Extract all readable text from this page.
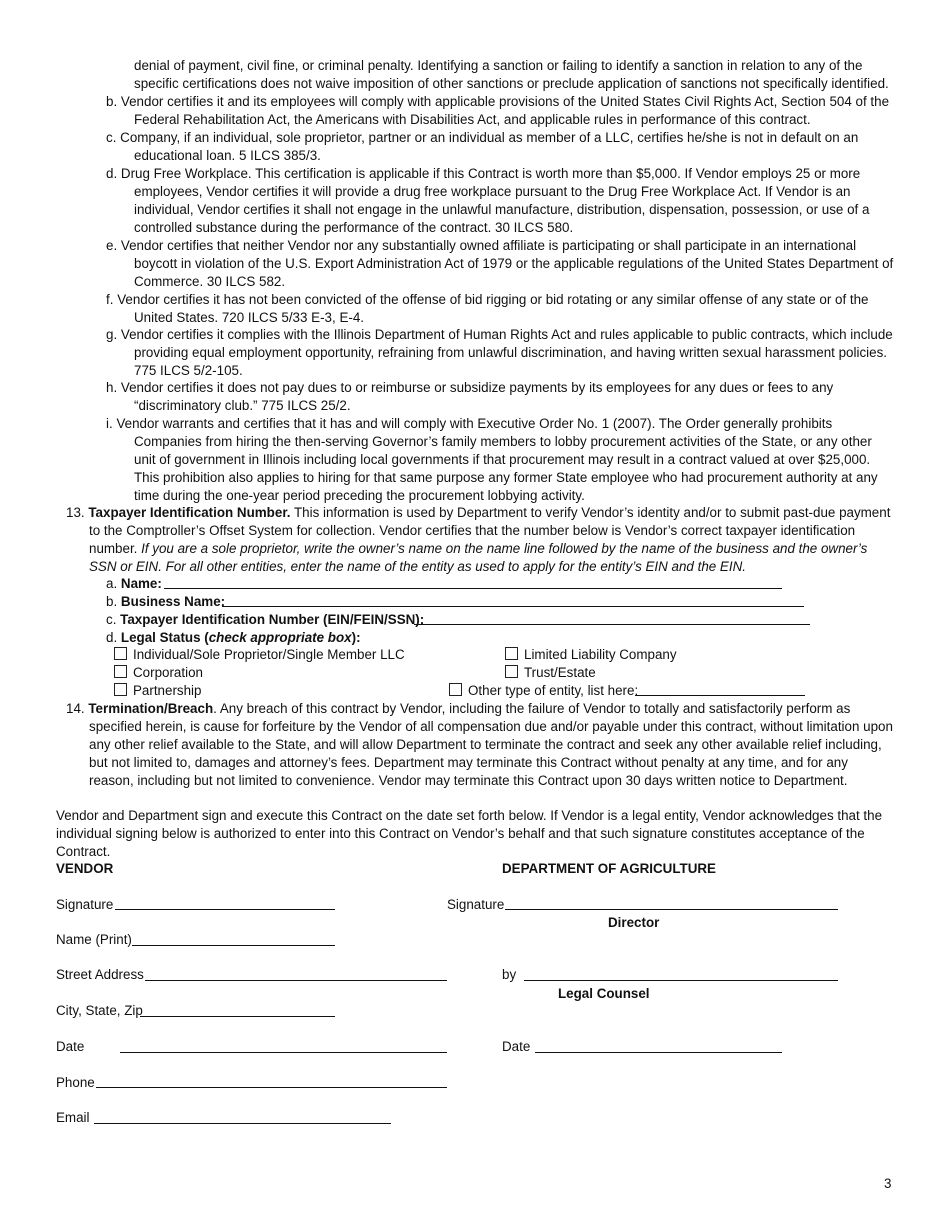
denial of payment, civil fine, or criminal penalty. Identifying a sanction or failing to identify a sanction in relation to any of the specific certifications does not waive imposition of other sanctions or preclude application of sanctions not specifically identified.
b. Vendor certifies it and its employees will comply with applicable provisions of the United States Civil Rights Act, Section 504 of the Federal Rehabilitation Act, the Americans with Disabilities Act, and applicable rules in performance of this contract.
c. Company, if an individual, sole proprietor, partner or an individual as member of a LLC, certifies he/she is not in default on an educational loan. 5 ILCS 385/3.
d. Drug Free Workplace. This certification is applicable if this Contract is worth more than $5,000. If Vendor employs 25 or more employees, Vendor certifies it will provide a drug free workplace pursuant to the Drug Free Workplace Act. If Vendor is an individual, Vendor certifies it shall not engage in the unlawful manufacture, distribution, dispensation, possession, or use of a controlled substance during the performance of the contract. 30 ILCS 580.
e. Vendor certifies that neither Vendor nor any substantially owned affiliate is participating or shall participate in an international boycott in violation of the U.S. Export Administration Act of 1979 or the applicable regulations of the United States Department of Commerce. 30 ILCS 582.
f. Vendor certifies it has not been convicted of the offense of bid rigging or bid rotating or any similar offense of any state or of the United States. 720 ILCS 5/33 E-3, E-4.
g. Vendor certifies it complies with the Illinois Department of Human Rights Act and rules applicable to public contracts, which include providing equal employment opportunity, refraining from unlawful discrimination, and having written sexual harassment policies. 775 ILCS 5/2-105.
h. Vendor certifies it does not pay dues to or reimburse or subsidize payments by its employees for any dues or fees to any “discriminatory club.” 775 ILCS 25/2.
i. Vendor warrants and certifies that it has and will comply with Executive Order No. 1 (2007). The Order generally prohibits Companies from hiring the then-serving Governor’s family members to lobby procurement activities of the State, or any other unit of government in Illinois including local governments if that procurement may result in a contract valued at over $25,000. This prohibition also applies to hiring for that same purpose any former State employee who had procurement authority at any time during the one-year period preceding the procurement lobbying activity.
13. Taxpayer Identification Number. This information is used by Department to verify Vendor’s identity and/or to submit past-due payment to the Comptroller’s Offset System for collection. Vendor certifies that the number below is Vendor’s correct taxpayer identification number. If you are a sole proprietor, write the owner’s name on the name line followed by the name of the business and the owner’s SSN or EIN. For all other entities, enter the name of the entity as used to apply for the entity’s EIN and the EIN.
a. Name:
b. Business Name:
c. Taxpayer Identification Number (EIN/FEIN/SSN):
d. Legal Status (check appropriate box):
Individual/Sole Proprietor/Single Member LLC
Corporation
Partnership
Limited Liability Company
Trust/Estate
Other type of entity, list here:
14. Termination/Breach. Any breach of this contract by Vendor, including the failure of Vendor to totally and satisfactorily perform as specified herein, is cause for forfeiture by the Vendor of all compensation due and/or payable under this contract, without limitation upon any other relief available to the State, and will allow Department to terminate the contract and seek any other available relief including, but not limited to, damages and attorney’s fees. Department may terminate this Contract without penalty at any time, and for any reason, including but not limited to convenience. Vendor may terminate this Contract upon 30 days written notice to Department.
Vendor and Department sign and execute this Contract on the date set forth below. If Vendor is a legal entity, Vendor acknowledges that the individual signing below is authorized to enter into this Contract on Vendor’s behalf and that such signature constitutes acceptance of the Contract.
VENDOR
Signature
Name (Print)
Street Address
City, State, Zip
Date
Phone
Email
DEPARTMENT OF AGRICULTURE
Signature
Director
by
Legal Counsel
Date
3
